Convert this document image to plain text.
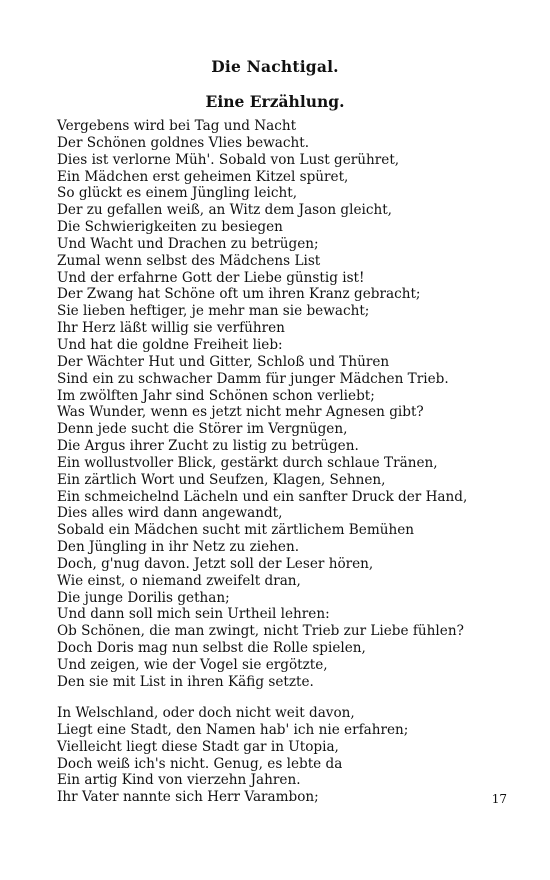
Die Nachtigal.
Eine Erzählung.
Vergebens wird bei Tag und Nacht
Der Schönen goldnes Vlies bewacht.
Dies ist verlorne Müh'. Sobald von Lust gerühret,
Ein Mädchen erst geheimen Kitzel spüret,
So glückt es einem Jüngling leicht,
Der zu gefallen weiß, an Witz dem Jason gleicht,
Die Schwierigkeiten zu besiegen
Und Wacht und Drachen zu betrügen;
Zumal wenn selbst des Mädchens List
Und der erfahrne Gott der Liebe günstig ist!
Der Zwang hat Schöne oft um ihren Kranz gebracht;
Sie lieben heftiger, je mehr man sie bewacht;
Ihr Herz läßt willig sie verführen
Und hat die goldne Freiheit lieb:
Der Wächter Hut und Gitter, Schloß und Thüren
Sind ein zu schwacher Damm für junger Mädchen Trieb.
Im zwölften Jahr sind Schönen schon verliebt;
Was Wunder, wenn es jetzt nicht mehr Agnesen gibt?
Denn jede sucht die Störer im Vergnügen,
Die Argus ihrer Zucht zu listig zu betrügen.
Ein wollustvoller Blick, gestärkt durch schlaue Tränen,
Ein zärtlich Wort und Seufzen, Klagen, Sehnen,
Ein schmeichelnd Lächeln und ein sanfter Druck der Hand,
Dies alles wird dann angewandt,
Sobald ein Mädchen sucht mit zärtlichem Bemühen
Den Jüngling in ihr Netz zu ziehen.
Doch, g'nug davon. Jetzt soll der Leser hören,
Wie einst, o niemand zweifelt dran,
Die junge Dorilis gethan;
Und dann soll mich sein Urtheil lehren:
Ob Schönen, die man zwingt, nicht Trieb zur Liebe fühlen?
Doch Doris mag nun selbst die Rolle spielen,
Und zeigen, wie der Vogel sie ergötzte,
Den sie mit List in ihren Käfig setzte.
In Welschland, oder doch nicht weit davon,
Liegt eine Stadt, den Namen hab' ich nie erfahren;
Vielleicht liegt diese Stadt gar in Utopia,
Doch weiß ich's nicht. Genug, es lebte da
Ein artig Kind von vierzehn Jahren.
Ihr Vater nannte sich Herr Varambon;	17
